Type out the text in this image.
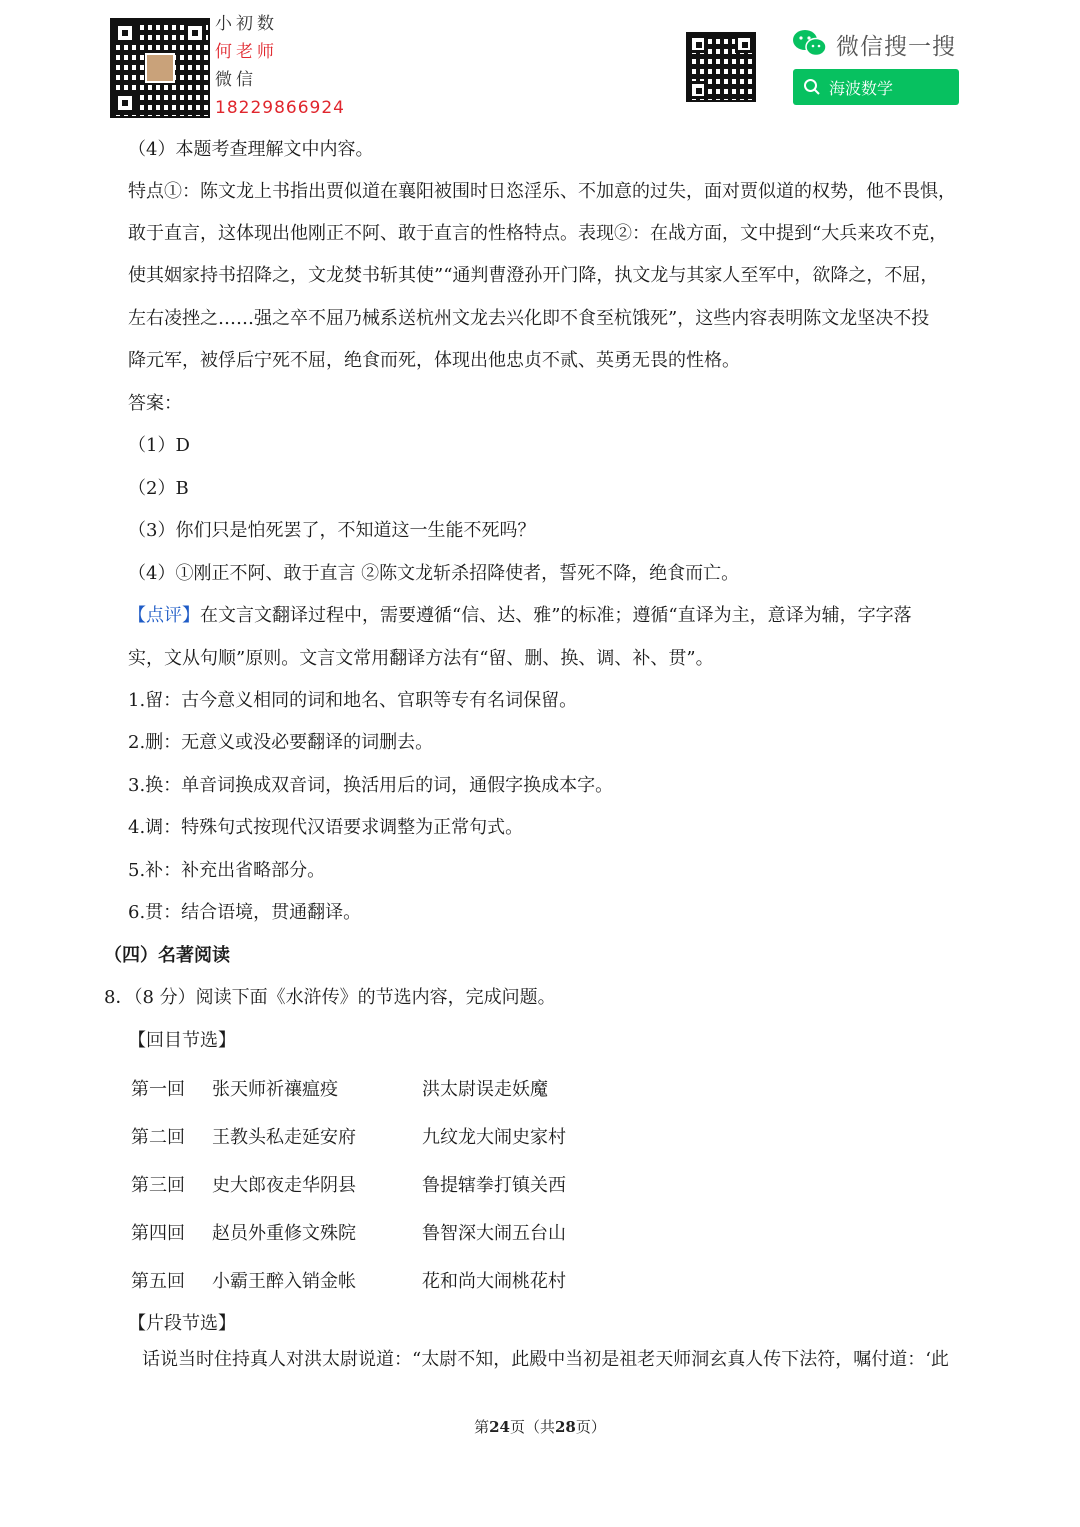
小初数
何老师
微信
18229866924
微信搜一搜
海波数学
（4）本题考查理解文中内容。
特点①：陈文龙上书指出贾似道在襄阳被围时日恣淫乐、不加意的过失，面对贾似道的权势，他不畏惧，
敢于直言，这体现出他刚正不阿、敢于直言的性格特点。表现②：在战方面，文中提到“大兵来攻不克，
使其姻家持书招降之，文龙焚书斩其使”“通判曹澄孙开门降，执文龙与其家人至军中，欲降之，不屈，
左右凌挫之……强之卒不屈乃械系送杭州文龙去兴化即不食至杭饿死”，这些内容表明陈文龙坚决不投
降元军，被俘后宁死不屈，绝食而死，体现出他忠贞不贰、英勇无畏的性格。
答案：
（1）D
（2）B
（3）你们只是怕死罢了，不知道这一生能不死吗？
（4）①刚正不阿、敢于直言 ②陈文龙斩杀招降使者，誓死不降，绝食而亡。
【点评】在文言文翻译过程中，需要遵循“信、达、雅”的标准；遵循“直译为主，意译为辅，字字落
实，文从句顺”原则。文言文常用翻译方法有“留、删、换、调、补、贯”。
1.留：古今意义相同的词和地名、官职等专有名词保留。
2.删：无意义或没必要翻译的词删去。
3.换：单音词换成双音词，换活用后的词，通假字换成本字。
4.调：特殊句式按现代汉语要求调整为正常句式。
5.补：补充出省略部分。
6.贯：结合语境，贯通翻译。
（四）名著阅读
8．（8 分）阅读下面《水浒传》的节选内容，完成问题。
【回目节选】
第一回 张天师祈禳瘟疫	洪太尉误走妖魔
第二回 王教头私走延安府	九纹龙大闹史家村
第三回 史大郎夜走华阴县	鲁提辖拳打镇关西
第四回 赵员外重修文殊院	鲁智深大闹五台山
第五回 小霸王醉入销金帐	花和尚大闹桃花村
【片段节选】
话说当时住持真人对洪太尉说道：“太尉不知，此殿中当初是祖老天师洞玄真人传下法符，嘱付道：‘此
第24页（共28页）
